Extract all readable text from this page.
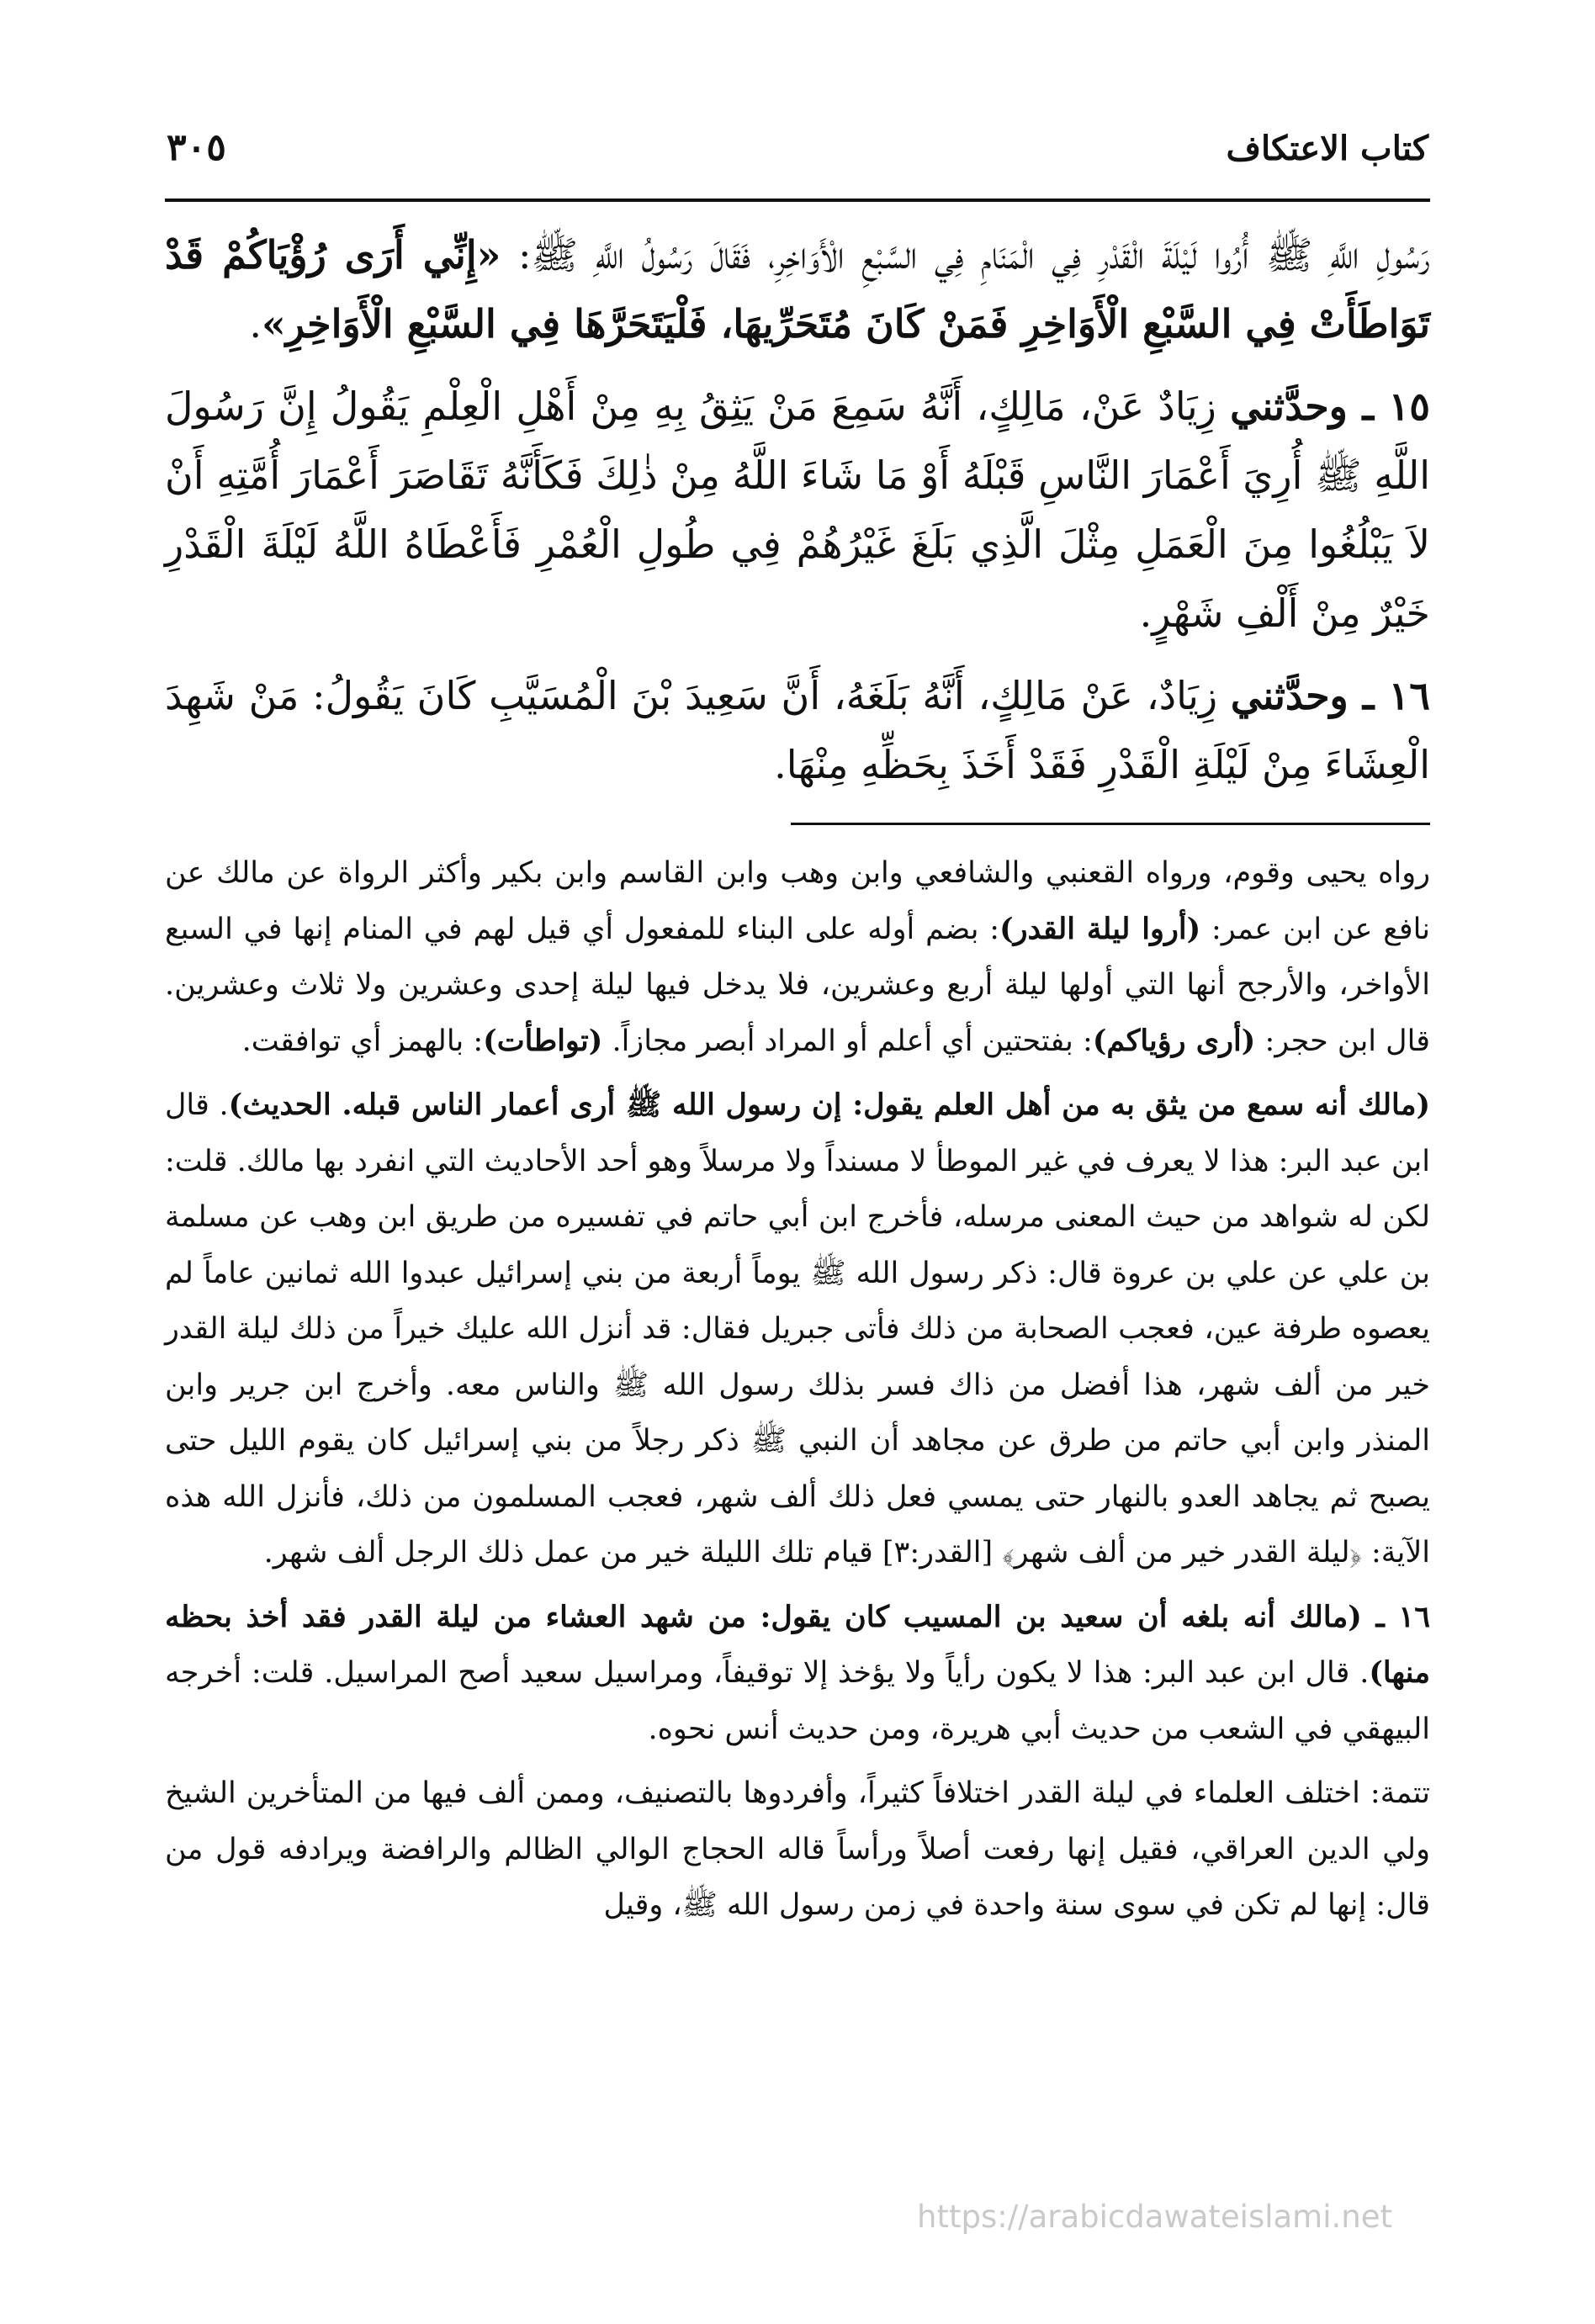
كتاب الاعتكاف
٣٠٥

رَسُولِ اللَّهِ ﷺ أُرُوا لَيْلَةَ الْقَدْرِ فِي الْمَنَامِ فِي السَّبْعِ الْأَوَاخِرِ، فَقَالَ رَسُولُ اللَّهِ ﷺ: «إِنِّي أَرَى رُؤْيَاكُمْ قَدْ تَوَاطَأَتْ فِي السَّبْعِ الْأَوَاخِرِ فَمَنْ كَانَ مُتَحَرِّيهَا، فَلْيَتَحَرَّهَا فِي السَّبْعِ الْأَوَاخِرِ».

١٥ ـ وحدَّثني زِيَادٌ عَنْ، مَالِكٍ، أَنَّهُ سَمِعَ مَنْ يَثِقُ بِهِ مِنْ أَهْلِ الْعِلْمِ يَقُولُ إِنَّ رَسُولَ اللَّهِ ﷺ أُرِيَ أَعْمَارَ النَّاسِ قَبْلَهُ أَوْ مَا شَاءَ اللَّهُ مِنْ ذٰلِكَ فَكَأَنَّهُ تَقَاصَرَ أَعْمَارَ أُمَّتِهِ أَنْ لاَ يَبْلُغُوا مِنَ الْعَمَلِ مِثْلَ الَّذِي بَلَغَ غَيْرُهُمْ فِي طُولِ الْعُمْرِ فَأَعْطَاهُ اللَّهُ لَيْلَةَ الْقَدْرِ خَيْرٌ مِنْ أَلْفِ شَهْرٍ.

١٦ ـ وحدَّثني زِيَادٌ، عَنْ مَالِكٍ، أَنَّهُ بَلَغَهُ، أَنَّ سَعِيدَ بْنَ الْمُسَيَّبِ كَانَ يَقُولُ: مَنْ شَهِدَ الْعِشَاءَ مِنْ لَيْلَةِ الْقَدْرِ فَقَدْ أَخَذَ بِحَظِّهِ مِنْهَا.

رواه يحيى وقوم، ورواه القعنبي والشافعي وابن وهب وابن القاسم وابن بكير وأكثر الرواة عن مالك عن نافع عن ابن عمر: (أروا ليلة القدر): بضم أوله على البناء للمفعول أي قيل لهم في المنام إنها في السبع الأواخر، والأرجح أنها التي أولها ليلة أربع وعشرين، فلا يدخل فيها ليلة إحدى وعشرين ولا ثلاث وعشرين. قال ابن حجر: (أرى رؤياكم): بفتحتين أي أعلم أو المراد أبصر مجازاً. (تواطأت): بالهمز أي توافقت.

(مالك أنه سمع من يثق به من أهل العلم يقول: إن رسول الله ﷺ أرى أعمار الناس قبله. الحديث). قال ابن عبد البر: هذا لا يعرف في غير الموطأ لا مسنداً ولا مرسلاً وهو أحد الأحاديث التي انفرد بها مالك. قلت: لكن له شواهد من حيث المعنى مرسله، فأخرج ابن أبي حاتم في تفسيره من طريق ابن وهب عن مسلمة بن علي عن علي بن عروة قال: ذكر رسول الله ﷺ يوماً أربعة من بني إسرائيل عبدوا الله ثمانين عاماً لم يعصوه طرفة عين، فعجب الصحابة من ذلك فأتى جبريل فقال: قد أنزل الله عليك خيراً من ذلك ليلة القدر خير من ألف شهر، هذا أفضل من ذاك فسر بذلك رسول الله ﷺ والناس معه. وأخرج ابن جرير وابن المنذر وابن أبي حاتم من طرق عن مجاهد أن النبي ﷺ ذكر رجلاً من بني إسرائيل كان يقوم الليل حتى يصبح ثم يجاهد العدو بالنهار حتى يمسي فعل ذلك ألف شهر، فعجب المسلمون من ذلك، فأنزل الله هذه الآية: ﴿ليلة القدر خير من ألف شهر﴾ [القدر:٣] قيام تلك الليلة خير من عمل ذلك الرجل ألف شهر.

١٦ ـ (مالك أنه بلغه أن سعيد بن المسيب كان يقول: من شهد العشاء من ليلة القدر فقد أخذ بحظه منها). قال ابن عبد البر: هذا لا يكون رأياً ولا يؤخذ إلا توقيفاً، ومراسيل سعيد أصح المراسيل. قلت: أخرجه البيهقي في الشعب من حديث أبي هريرة، ومن حديث أنس نحوه.

تتمة: اختلف العلماء في ليلة القدر اختلافاً كثيراً، وأفردوها بالتصنيف، وممن ألف فيها من المتأخرين الشيخ ولي الدين العراقي، فقيل إنها رفعت أصلاً ورأساً قاله الحجاج الوالي الظالم والرافضة ويرادفه قول من قال: إنها لم تكن في سوى سنة واحدة في زمن رسول الله ﷺ، وقيل

https://arabicdawateislami.net
